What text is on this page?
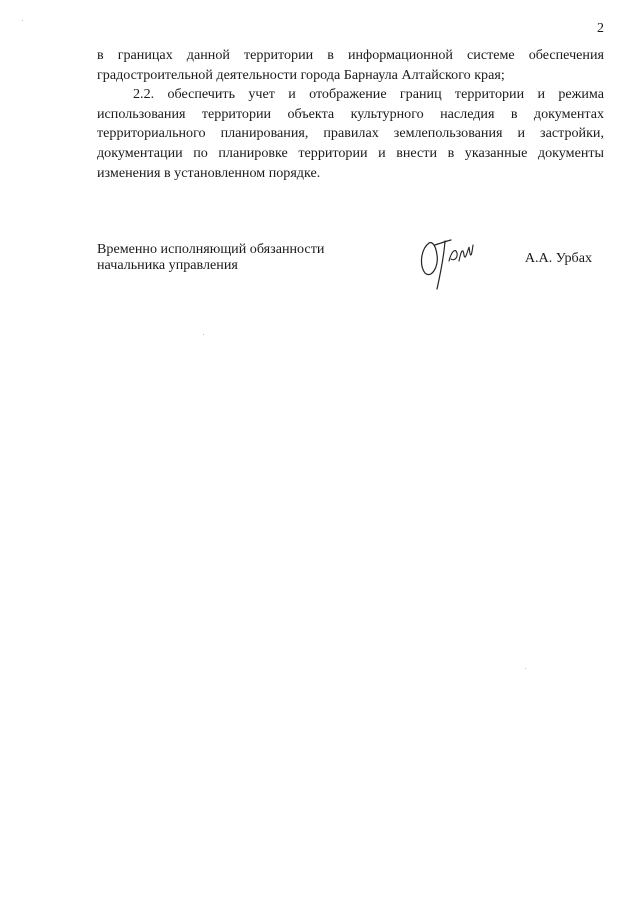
2

в границах данной территории в информационной системе обеспечения градостроительной деятельности города Барнаула Алтайского края;

2.2. обеспечить учет и отображение границ территории и режима использования территории объекта культурного наследия в документах территориального планирования, правилах землепользования и застройки, документации по планировке территории и внести в указанные документы изменения в установленном порядке.

Временно исполняющий обязанности
начальника управления	А.А. Урбах
